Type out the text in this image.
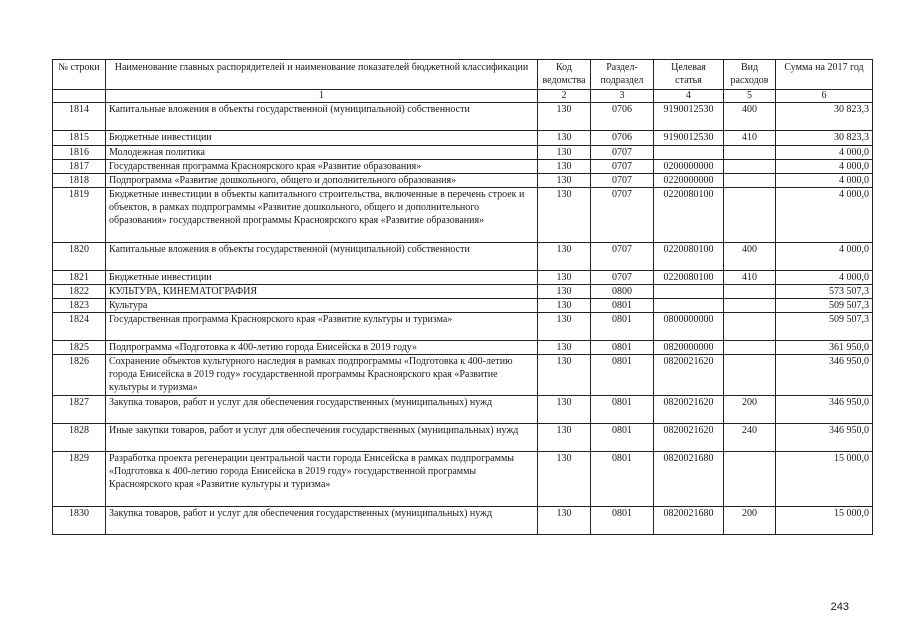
№ строки	Наименование главных распорядителей и наименование показателей бюджетной классификации	Код ведомства	Раздел-подраздел	Целевая статья	Вид расходов	Сумма на 2017 год
	1	2	3	4	5	6
1814	Капитальные вложения в объекты государственной (муниципальной) собственности	130	0706	9190012530	400	30 823,3
1815	Бюджетные инвестиции	130	0706	9190012530	410	30 823,3
1816	Молодежная политика	130	0707			4 000,0
1817	Государственная программа Красноярского края «Развитие образования»	130	0707	0200000000		4 000,0
1818	Подпрограмма «Развитие дошкольного, общего и дополнительного образования»	130	0707	0220000000		4 000,0
1819	Бюджетные инвестиции в объекты капитального строительства, включенные в перечень строек и объектов, в рамках подпрограммы «Развитие дошкольного, общего и дополнительного образования» государственной программы Красноярского края «Развитие образования»	130	0707	0220080100		4 000,0
1820	Капитальные вложения в объекты государственной (муниципальной) собственности	130	0707	0220080100	400	4 000,0
1821	Бюджетные инвестиции	130	0707	0220080100	410	4 000,0
1822	КУЛЬТУРА, КИНЕМАТОГРАФИЯ	130	0800			573 507,3
1823	Культура	130	0801			509 507,3
1824	Государственная программа Красноярского края «Развитие культуры и туризма»	130	0801	0800000000		509 507,3
1825	Подпрограмма «Подготовка к 400-летию города Енисейска в 2019 году»	130	0801	0820000000		361 950,0
1826	Сохранение объектов культурного наследия в рамках подпрограммы «Подготовка к 400-летию города Енисейска в 2019 году» государственной программы Красноярского края «Развитие культуры и туризма»	130	0801	0820021620		346 950,0
1827	Закупка товаров, работ и услуг для обеспечения государственных (муниципальных) нужд	130	0801	0820021620	200	346 950,0
1828	Иные закупки товаров, работ и услуг для обеспечения государственных (муниципальных) нужд	130	0801	0820021620	240	346 950,0
1829	Разработка проекта регенерации центральной части города Енисейска в рамках подпрограммы «Подготовка к 400-летию города Енисейска в 2019 году» государственной программы Красноярского края «Развитие культуры и туризма»	130	0801	0820021680		15 000,0
1830	Закупка товаров, работ и услуг для обеспечения государственных (муниципальных) нужд	130	0801	0820021680	200	15 000,0
243
